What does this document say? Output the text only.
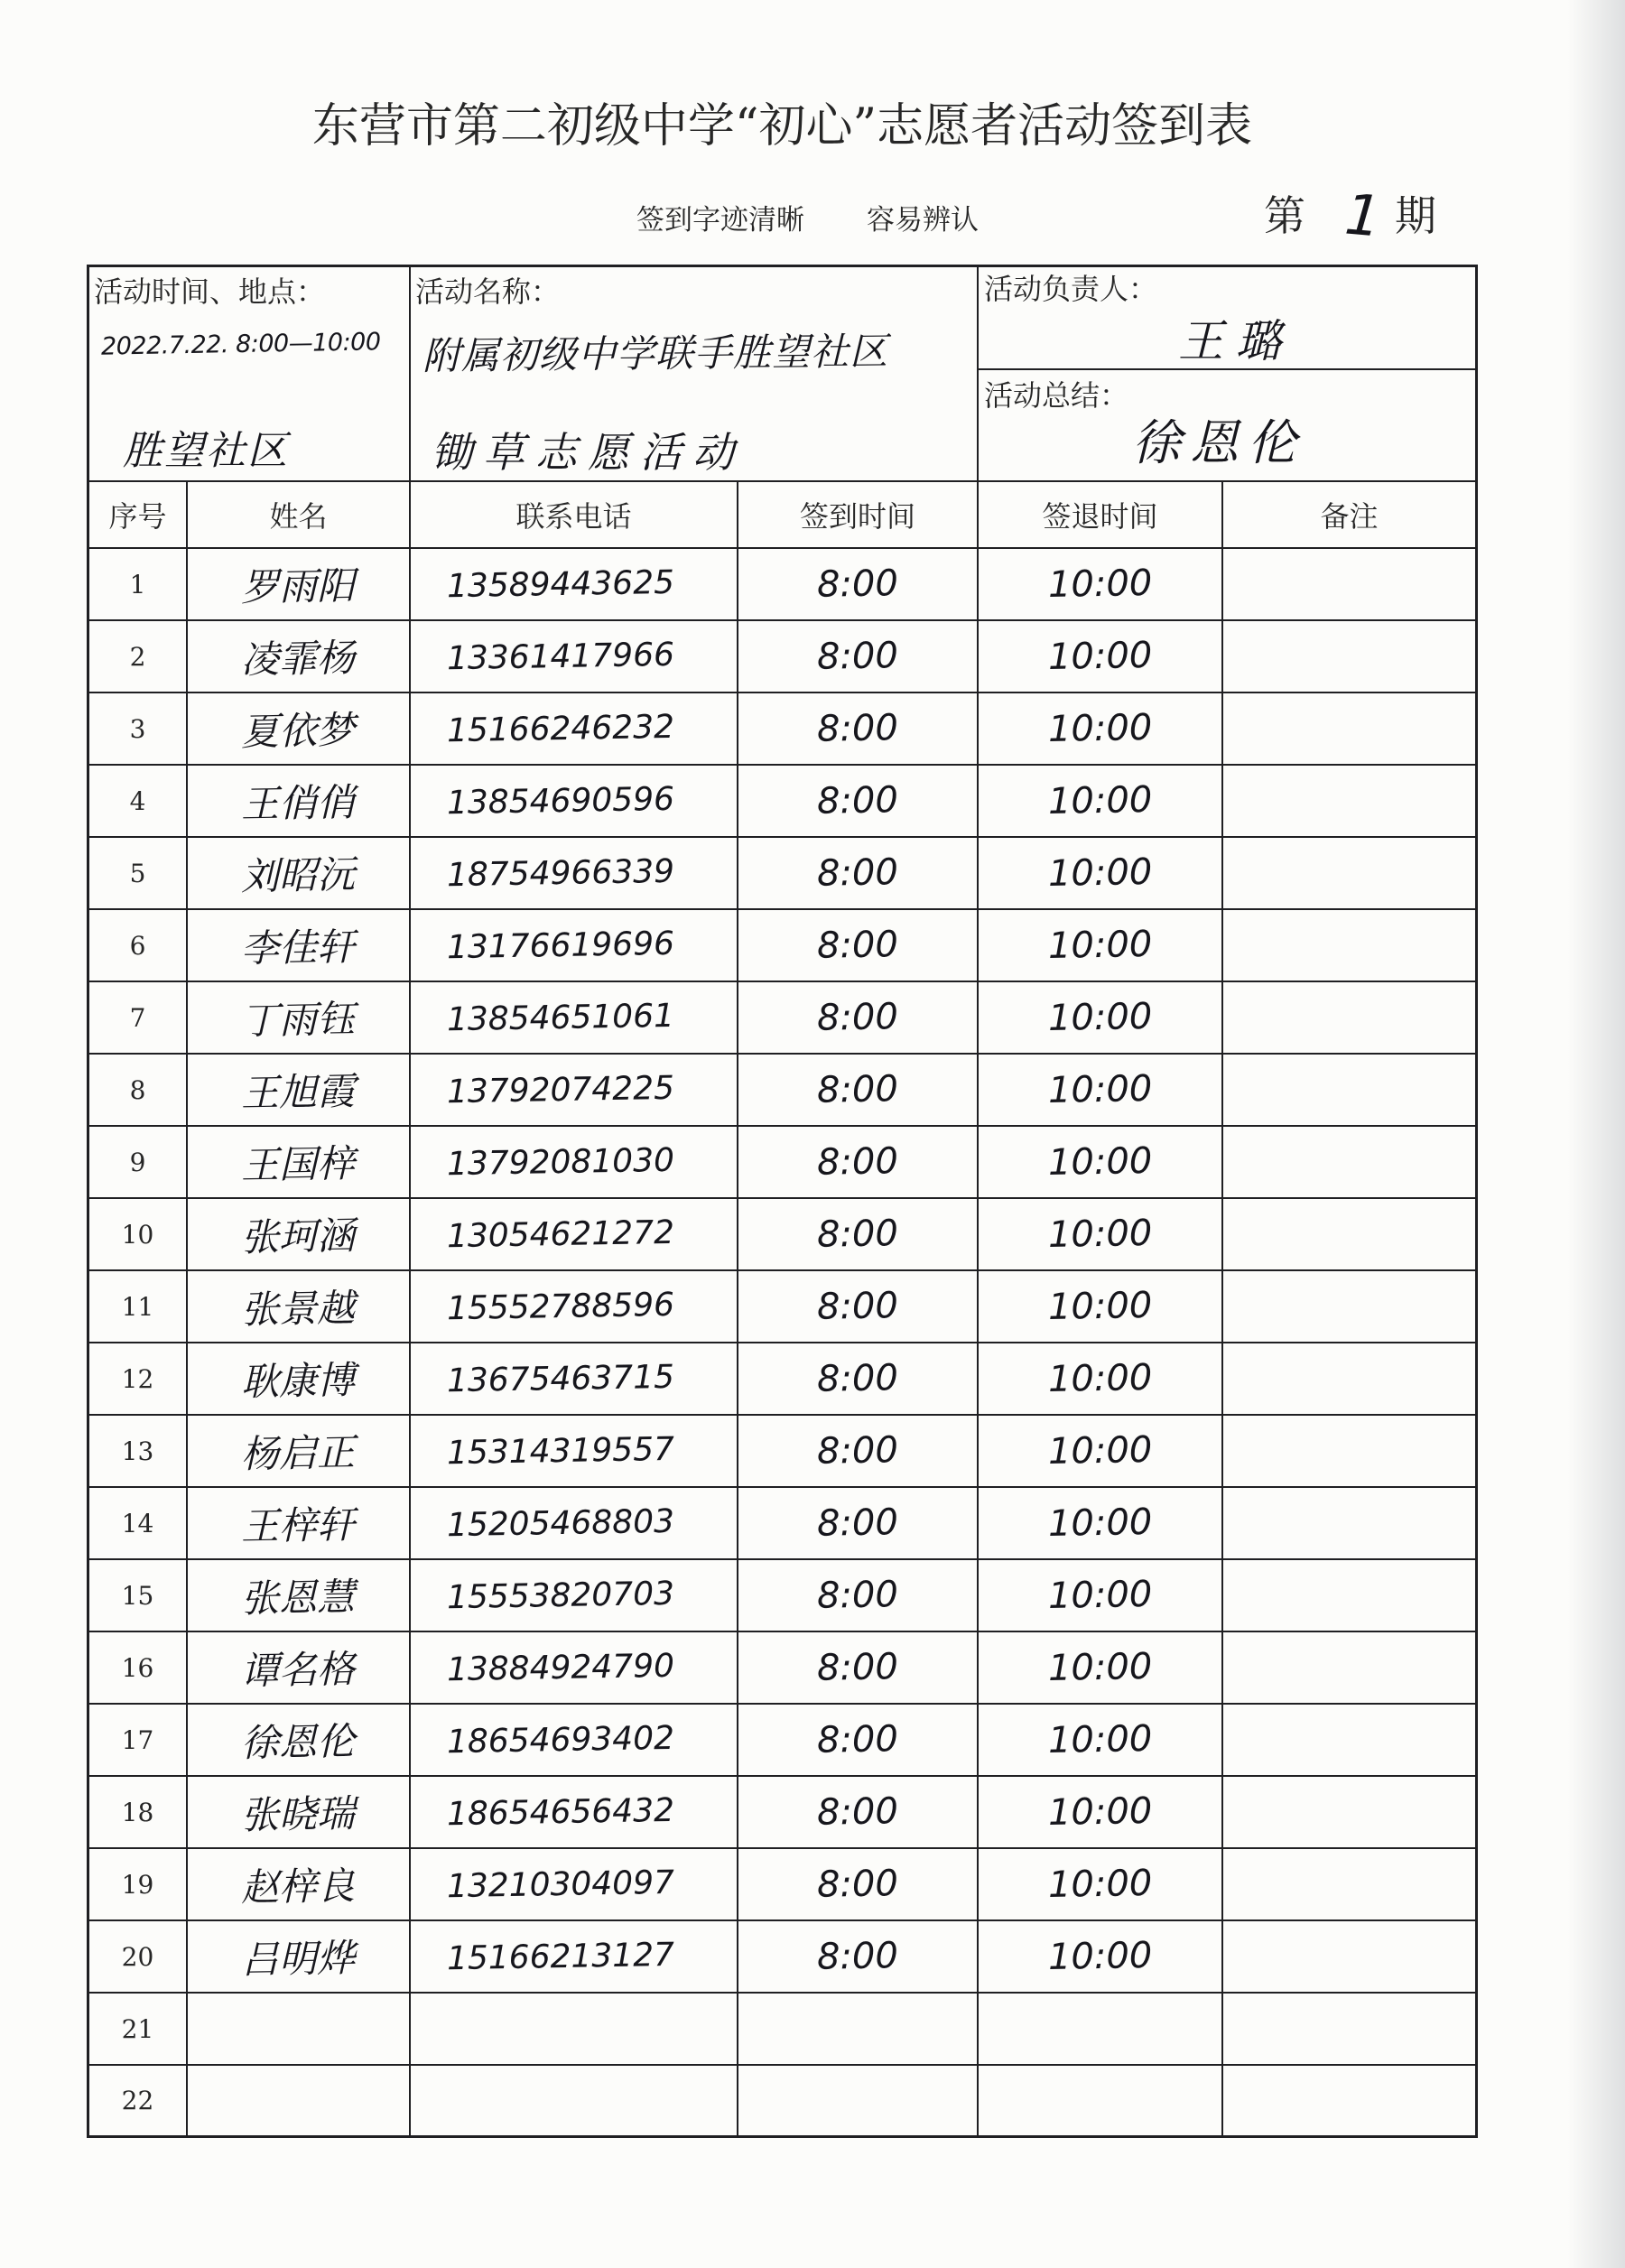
东营市第二初级中学“初心”志愿者活动签到表
签到字迹清晰 容易辨认	第 1 期
活动时间、地点：
2022.7.22. 8:00—10:00
胜望社区
活动名称：
附属初级中学联手胜望社区
锄草志愿活动
活动负责人：
王璐
活动总结：
徐恩伦
序号	姓名	联系电话	签到时间	签退时间	备注
1	罗雨阳	13589443625	8:00	10:00
2	凌霏杨	13361417966	8:00	10:00
3	夏依梦	15166246232	8:00	10:00
4	王俏俏	13854690596	8:00	10:00
5	刘昭沅	18754966339	8:00	10:00
6	李佳轩	13176619696	8:00	10:00
7	丁雨钰	13854651061	8:00	10:00
8	王旭霞	13792074225	8:00	10:00
9	王国梓	13792081030	8:00	10:00
10 张珂涵	13054621272	8:00	10:00
11 张景越	15552788596	8:00	10:00
12 耿康博	13675463715	8:00	10:00
13 杨启正	15314319557	8:00	10:00
14 王梓轩	15205468803	8:00	10:00
15 张恩慧	15553820703	8:00	10:00
16 谭名格	13884924790	8:00	10:00
17 徐恩伦	18654693402	8:00	10:00
18 张晓瑞	18654656432	8:00	10:00
19 赵梓良	13210304097	8:00	10:00
20 吕明烨	15166213127	8:00	10:00
21
22
